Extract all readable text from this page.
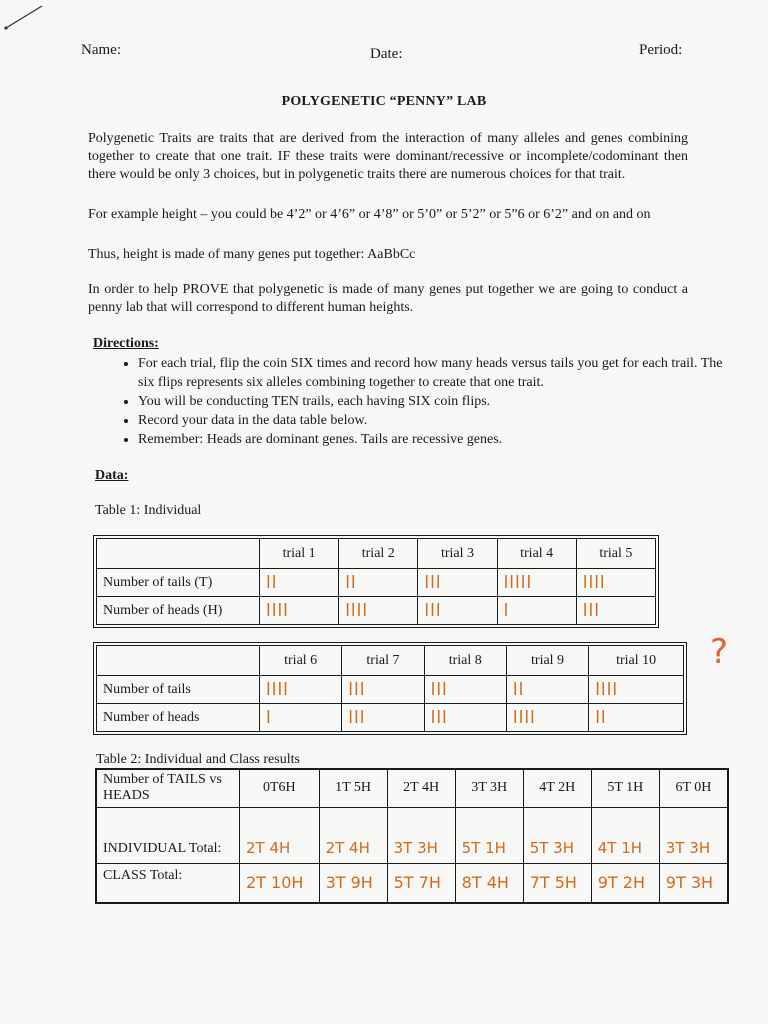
Name:	Date:	Period:
POLYGENETIC “PENNY” LAB
Polygenetic Traits are traits that are derived from the interaction of many alleles and genes combining together to create that one trait. IF these traits were dominant/recessive or incomplete/codominant then there would be only 3 choices, but in polygenetic traits there are numerous choices for that trait.
For example height – you could be 4’2” or 4’6” or 4’8” or 5’0” or 5’2” or 5”6 or 6’2” and on and on
Thus, height is made of many genes put together: AaBbCc
In order to help PROVE that polygenetic is made of many genes put together we are going to conduct a penny lab that will correspond to different human heights.
Directions:
• For each trial, flip the coin SIX times and record how many heads versus tails you get for each trail. The six flips represents six alleles combining together to create that one trait.
• You will be conducting TEN trails, each having SIX coin flips.
• Record your data in the data table below.
• Remember: Heads are dominant genes. Tails are recessive genes.
Data:
Table 1: Individual
	trial 1	trial 2	trial 3	trial 4	trial 5
Number of tails (T)	ll	ll	lll	lllll	llll
Number of heads (H)	llll	llll	lll	l	lll
	trial 6	trial 7	trial 8	trial 9	trial 10
Number of tails	llll	lll	lll	ll	llll
Number of heads	l	lll	lll	llll	ll
?
Table 2: Individual and Class results
Number of TAILS vs HEADS	0T6H	1T 5H	2T 4H	3T 3H	4T 2H	5T 1H	6T 0H
INDIVIDUAL Total:	2T 4H	2T 4H	3T 3H	5T 1H	5T 3H	4T 1H	3T 3H
CLASS Total:	2T 10H	3T 9H	5T 7H	8T 4H	7T 5H	9T 2H	9T 3H
